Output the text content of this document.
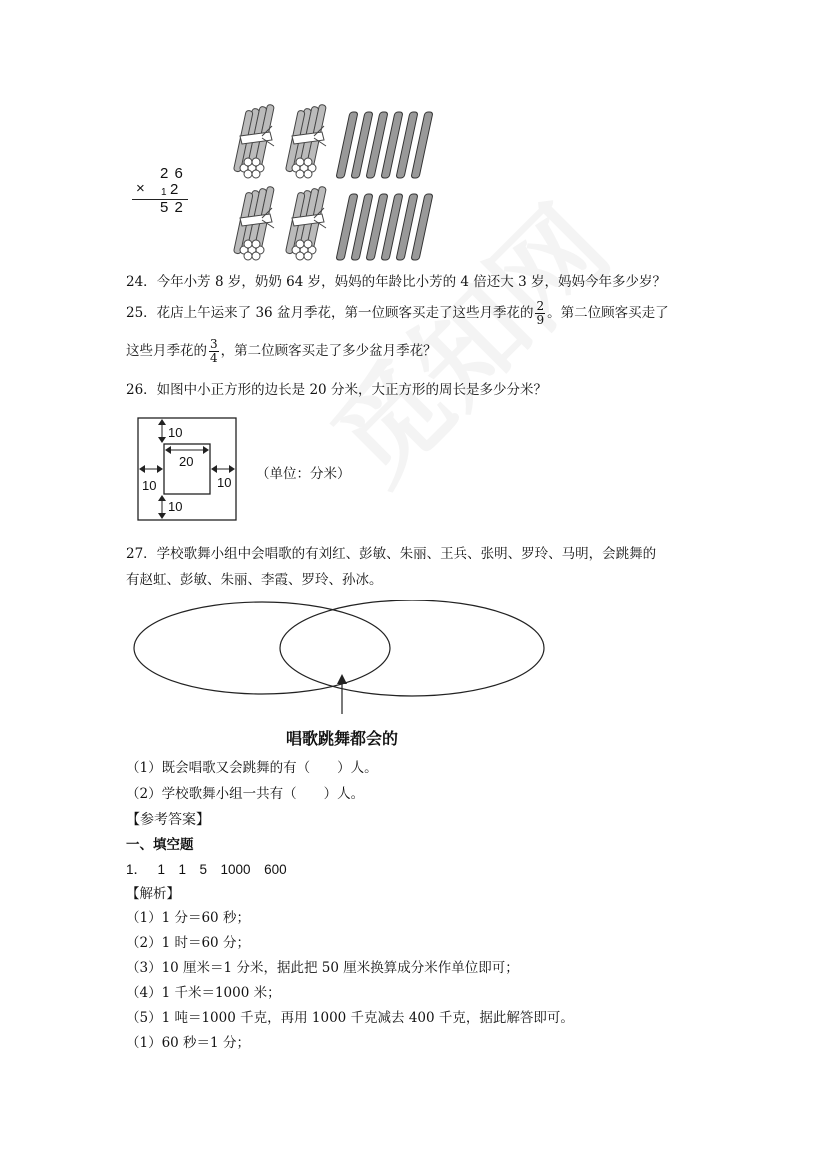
2 6
× 1 2
5 2
24．今年小芳 8 岁，奶奶 64 岁，妈妈的年龄比小芳的 4 倍还大 3 岁，妈妈今年多少岁？
25．花店上午运来了 36 盆月季花，第一位顾客买走了这些月季花的 $\frac{2}{9}$ 。第二位顾客买走了
这些月季花的 $\frac{3}{4}$ ，第二位顾客买走了多少盆月季花？
26．如图中小正方形的边长是 20 分米，大正方形的周长是多少分米？
10
20
10	10
10
（单位：分米）
27．学校歌舞小组中会唱歌的有刘红、彭敏、朱丽、王兵、张明、罗玲、马明，会跳舞的
有赵虹、彭敏、朱丽、李霞、罗玲、孙冰。
唱歌跳舞都会的
（1）既会唱歌又会跳舞的有（　　）人。
（2）学校歌舞小组一共有（　　）人。
【参考答案】
一、填空题
1．　 1　1　5　1000　600
【解析】
（1）1 分＝60 秒；
（2）1 时＝60 分；
（3）10 厘米＝1 分米，据此把 50 厘米换算成分米作单位即可；
（4）1 千米＝1000 米；
（5）1 吨＝1000 千克，再用 1000 千克减去 400 千克，据此解答即可。
（1）60 秒＝1 分；
